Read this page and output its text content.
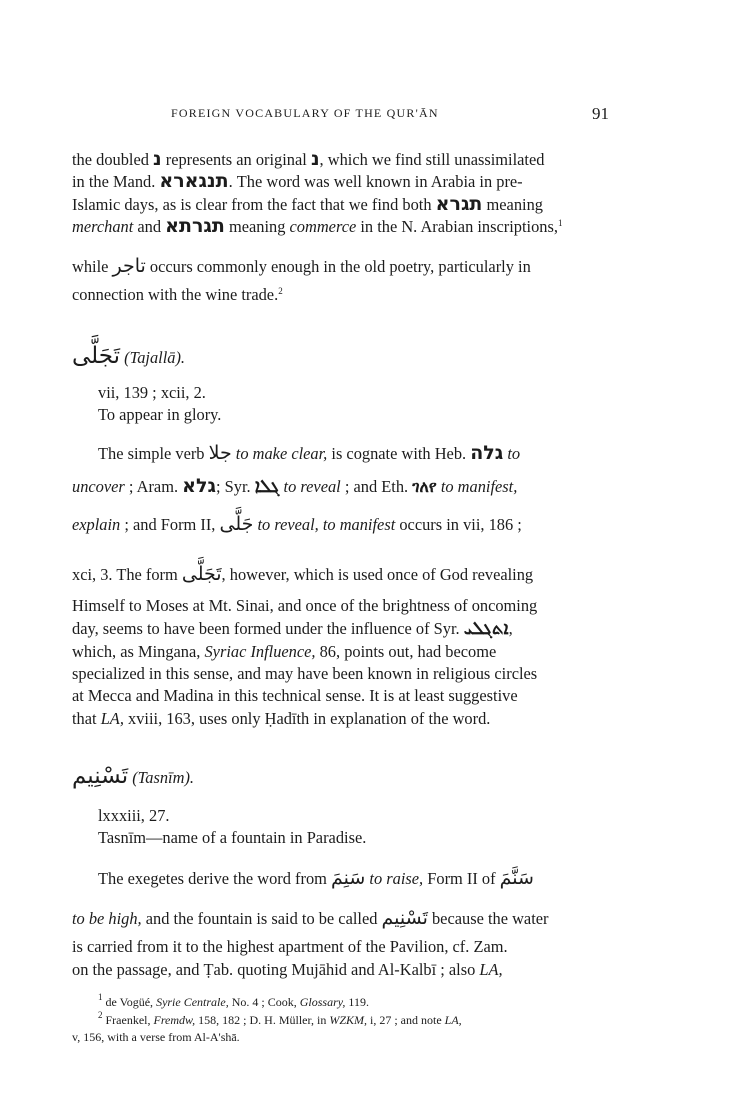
FOREIGN VOCABULARY OF THE QUR'ĀN	91
the doubled נ represents an original נ, which we find still unassimilated
in the Mand. תנגארא. The word was well known in Arabia in pre-
Islamic days, as is clear from the fact that we find both תגרא meaning
merchant and תגרתא meaning commerce in the N. Arabian inscriptions,$^1$
while تاجر occurs commonly enough in the old poetry, particularly in
connection with the wine trade.$^2$
تَجَلَّى (Tajallā).
vii, 139 ; xcii, 2.
To appear in glory.
The simple verb جلا to make clear, is cognate with Heb. גלה to
uncover ; Aram. גלא; Syr. ܓܠܐ to reveal ; and Eth. ገለየ to manifest,
explain ; and Form II, جَلَّى to reveal, to manifest occurs in vii, 186 ;
xci, 3. The form تَجَلَّى, however, which is used once of God revealing
Himself to Moses at Mt. Sinai, and once of the brightness of oncoming
day, seems to have been formed under the influence of Syr. ܐܬܓܠܝ,
which, as Mingana, Syriac Influence, 86, points out, had become
specialized in this sense, and may have been known in religious circles
at Mecca and Madina in this technical sense. It is at least suggestive
that LA, xviii, 163, uses only Ḥadīth in explanation of the word.
تَسْنِيم (Tasnīm).
lxxxiii, 27.
Tasnīm—name of a fountain in Paradise.
The exegetes derive the word from سَنِمَ to raise, Form II of سَنَّمَ
to be high, and the fountain is said to be called تَسْنِيم because the water
is carried from it to the highest apartment of the Pavilion, cf. Zam.
on the passage, and Ṭab. quoting Mujāhid and Al-Kalbī ; also LA,
$^1$ de Vogüé, Syrie Centrale, No. 4 ; Cook, Glossary, 119.
$^2$ Fraenkel, Fremdw, 158, 182 ; D. H. Müller, in WZKM, i, 27 ; and note LA,
v, 156, with a verse from Al-A'shā.
